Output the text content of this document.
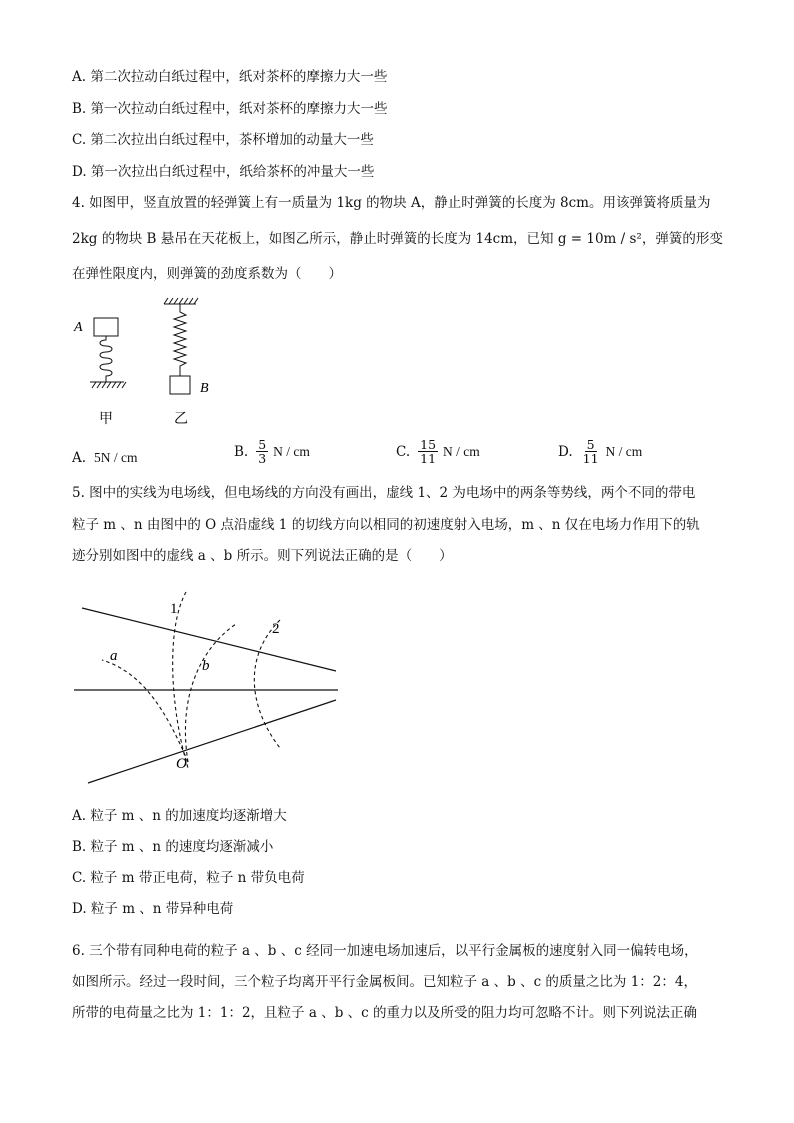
A. 第二次拉动白纸过程中，纸对茶杯的摩擦力大一些
B. 第一次拉动白纸过程中，纸对茶杯的摩擦力大一些
C. 第二次拉出白纸过程中，茶杯增加的动量大一些
D. 第一次拉出白纸过程中，纸给茶杯的冲量大一些
4. 如图甲，竖直放置的轻弹簧上有一质量为 1kg 的物块 A，静止时弹簧的长度为 8cm。用该弹簧将质量为
2kg 的物块 B 悬吊在天花板上，如图乙所示，静止时弹簧的长度为 14cm，已知 g = 10m / s²，弹簧的形变
在弹性限度内，则弹簧的劲度系数为（　　）
A
B
甲	乙
A. 5N / cm	B. $\frac{5}{3}$ N / cm	C. $\frac{15}{11}$ N / cm	D. $\frac{5}{11}$ N / cm
5. 图中的实线为电场线，但电场线的方向没有画出，虚线 1、2 为电场中的两条等势线，两个不同的带电
粒子 m 、n 由图中的 O 点沿虚线 1 的切线方向以相同的初速度射入电场，m 、n 仅在电场力作用下的轨
迹分别如图中的虚线 a 、b 所示。则下列说法正确的是（　　）
1
2
a
b
O
A. 粒子 m 、n 的加速度均逐渐增大
B. 粒子 m 、n 的速度均逐渐减小
C. 粒子 m 带正电荷，粒子 n 带负电荷
D. 粒子 m 、n 带异种电荷
6. 三个带有同种电荷的粒子 a 、b 、c 经同一加速电场加速后，以平行金属板的速度射入同一偏转电场，
如图所示。经过一段时间，三个粒子均离开平行金属板间。已知粒子 a 、b 、c 的质量之比为 1：2：4，
所带的电荷量之比为 1：1：2，且粒子 a 、b 、c 的重力以及所受的阻力均可忽略不计。则下列说法正确
